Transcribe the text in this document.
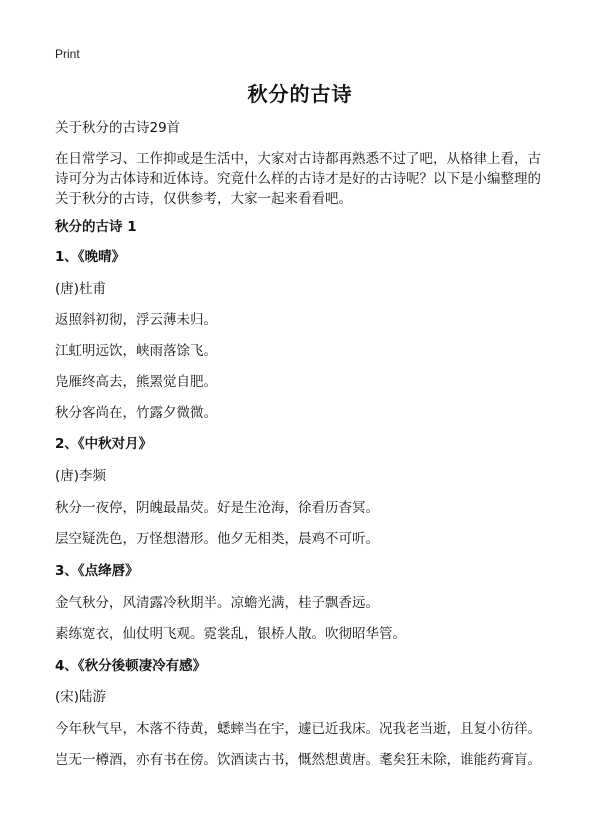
Print
秋分的古诗
关于秋分的古诗29首
在日常学习、工作抑或是生活中，大家对古诗都再熟悉不过了吧，从格律上看，古
诗可分为古体诗和近体诗。究竟什么样的古诗才是好的古诗呢？以下是小编整理的
关于秋分的古诗，仅供参考，大家一起来看看吧。
秋分的古诗 1
1、《晚晴》
(唐)杜甫
返照斜初彻，浮云薄未归。
江虹明远饮，峡雨落馀飞。
凫雁终高去，熊罴觉自肥。
秋分客尚在，竹露夕微微。
2、《中秋对月》
(唐)李频
秋分一夜停，阴魄最晶荧。好是生沧海，徐看历杳冥。
层空疑洗色，万怪想潜形。他夕无相类，晨鸡不可听。
3、《点绛唇》
金气秋分，风清露冷秋期半。凉蟾光满，桂子飘香远。
素练宽衣，仙仗明飞观。霓裳乱，银桥人散。吹彻昭华管。
4、《秋分後顿凄冷有感》
(宋)陆游
今年秋气早，木落不待黄，蟋蟀当在宇，遽已近我床。况我老当逝，且复小彷徉。
岂无一樽酒，亦有书在傍。饮酒读古书，慨然想黄唐。耄矣狂未除，谁能药膏肓。
